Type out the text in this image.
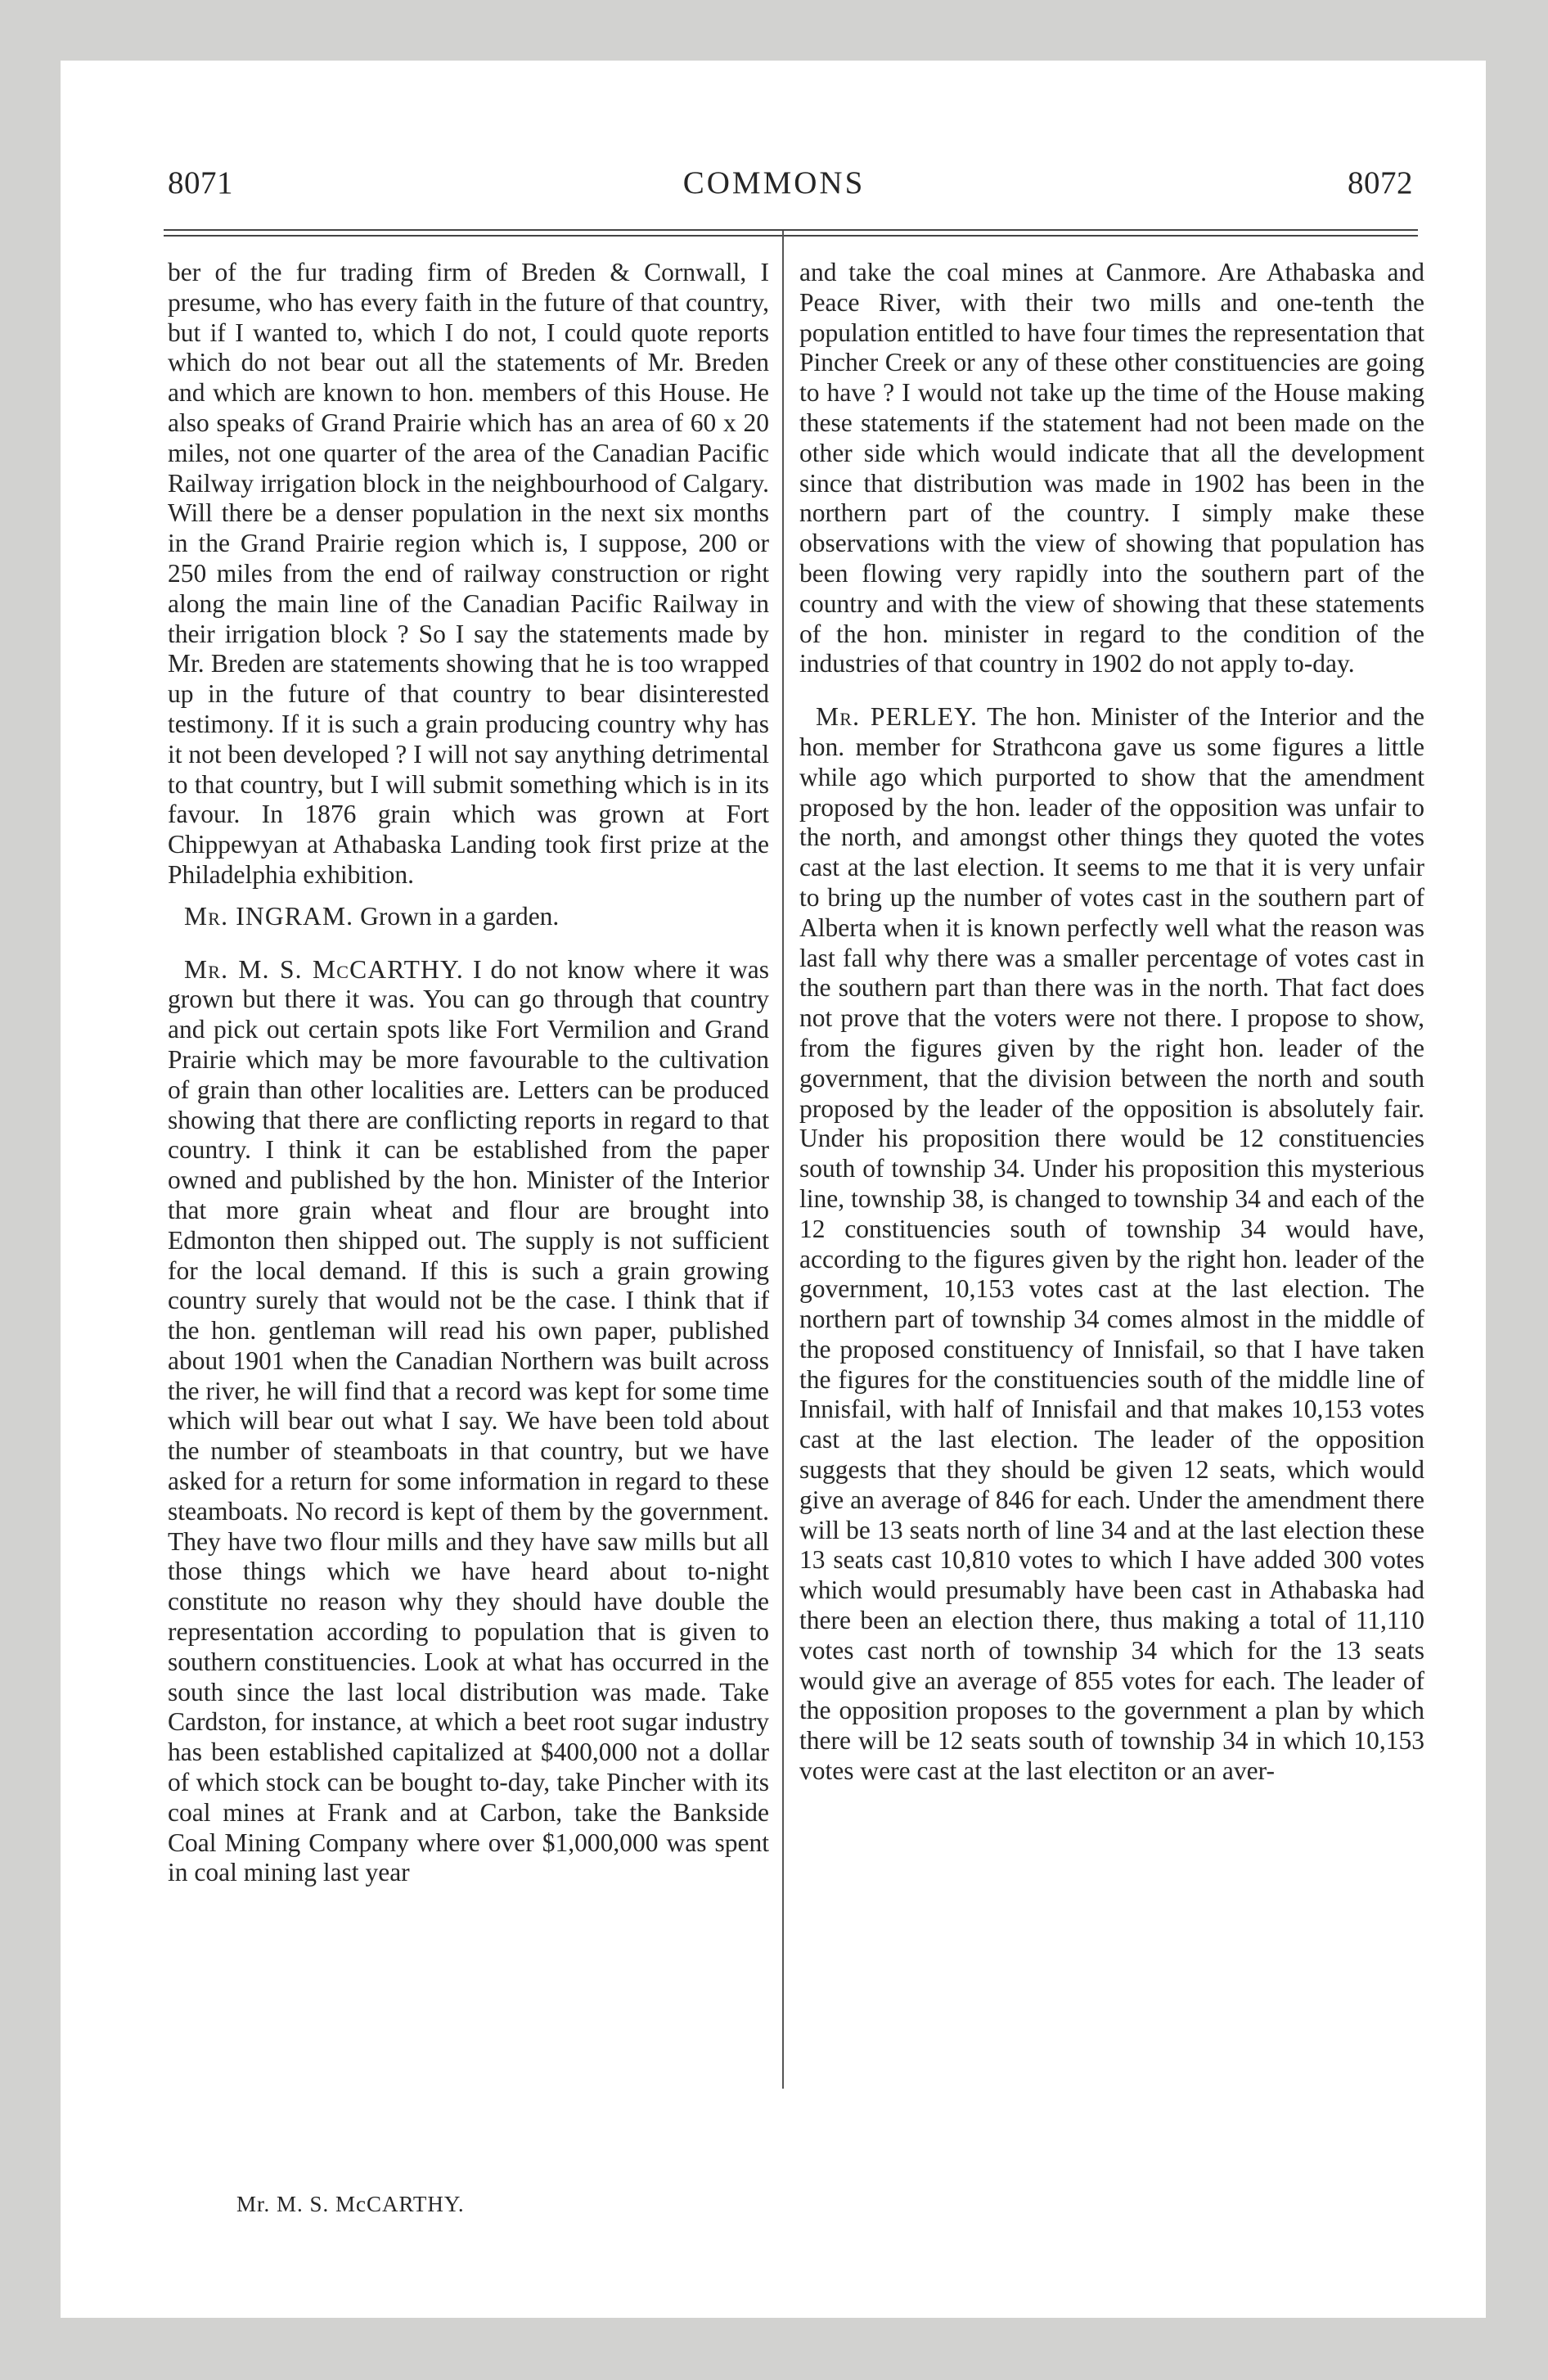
8071	COMMONS	8072

ber of the fur trading firm of Breden & Cornwall, I presume, who has every faith in the future of that country, but if I wanted to, which I do not, I could quote reports which do not bear out all the statements of Mr. Breden and which are known to hon. members of this House. He also speaks of Grand Prairie which has an area of 60 x 20 miles, not one quarter of the area of the Canadian Pacific Railway irrigation block in the neighbourhood of Calgary. Will there be a denser population in the next six months in the Grand Prairie region which is, I suppose, 200 or 250 miles from the end of railway construction or right along the main line of the Canadian Pacific Railway in their irrigation block ? So I say the statements made by Mr. Breden are statements showing that he is too wrapped up in the future of that country to bear disinterested testimony. If it is such a grain producing country why has it not been developed ? I will not say anything detrimental to that country, but I will submit something which is in its favour. In 1876 grain which was grown at Fort Chippewyan at Athabaska Landing took first prize at the Philadelphia exhibition.

Mr. INGRAM. Grown in a garden.

Mr. M. S. McCARTHY. I do not know where it was grown but there it was. You can go through that country and pick out certain spots like Fort Vermilion and Grand Prairie which may be more favourable to the cultivation of grain than other localities are. Letters can be produced showing that there are conflicting reports in regard to that country. I think it can be established from the paper owned and published by the hon. Minister of the Interior that more grain wheat and flour are brought into Edmonton then shipped out. The supply is not sufficient for the local demand. If this is such a grain growing country surely that would not be the case. I think that if the hon. gentleman will read his own paper, published about 1901 when the Canadian Northern was built across the river, he will find that a record was kept for some time which will bear out what I say. We have been told about the number of steamboats in that country, but we have asked for a return for some information in regard to these steamboats. No record is kept of them by the government. They have two flour mills and they have saw mills but all those things which we have heard about to-night constitute no reason why they should have double the representation according to population that is given to southern constituencies. Look at what has occurred in the south since the last local distribution was made. Take Cardston, for instance, at which a beet root sugar industry has been established capitalized at $400,000 not a dollar of which stock can be bought to-day, take Pincher with its coal mines at Frank and at Carbon, take the Bankside Coal Mining Company where over $1,000,000 was spent in coal mining last year

and take the coal mines at Canmore. Are Athabaska and Peace River, with their two mills and one-tenth the population entitled to have four times the representation that Pincher Creek or any of these other constituencies are going to have ? I would not take up the time of the House making these statements if the statement had not been made on the other side which would indicate that all the development since that distribution was made in 1902 has been in the northern part of the country. I simply make these observations with the view of showing that population has been flowing very rapidly into the southern part of the country and with the view of showing that these statements of the hon. minister in regard to the condition of the industries of that country in 1902 do not apply to-day.

Mr. PERLEY. The hon. Minister of the Interior and the hon. member for Strathcona gave us some figures a little while ago which purported to show that the amendment proposed by the hon. leader of the opposition was unfair to the north, and amongst other things they quoted the votes cast at the last election. It seems to me that it is very unfair to bring up the number of votes cast in the southern part of Alberta when it is known perfectly well what the reason was last fall why there was a smaller percentage of votes cast in the southern part than there was in the north. That fact does not prove that the voters were not there. I propose to show, from the figures given by the right hon. leader of the government, that the division between the north and south proposed by the leader of the opposition is absolutely fair. Under his proposition there would be 12 constituencies south of township 34. Under his proposition this mysterious line, township 38, is changed to township 34 and each of the 12 constituencies south of township 34 would have, according to the figures given by the right hon. leader of the government, 10,153 votes cast at the last election. The northern part of township 34 comes almost in the middle of the proposed constituency of Innisfail, so that I have taken the figures for the constituencies south of the middle line of Innisfail, with half of Innisfail and that makes 10,153 votes cast at the last election. The leader of the opposition suggests that they should be given 12 seats, which would give an average of 846 for each. Under the amendment there will be 13 seats north of line 34 and at the last election these 13 seats cast 10,810 votes to which I have added 300 votes which would presumably have been cast in Athabaska had there been an election there, thus making a total of 11,110 votes cast north of township 34 which for the 13 seats would give an average of 855 votes for each. The leader of the opposition proposes to the government a plan by which there will be 12 seats south of township 34 in which 10,153 votes were cast at the last electiton or an aver-

Mr. M. S. McCARTHY.
